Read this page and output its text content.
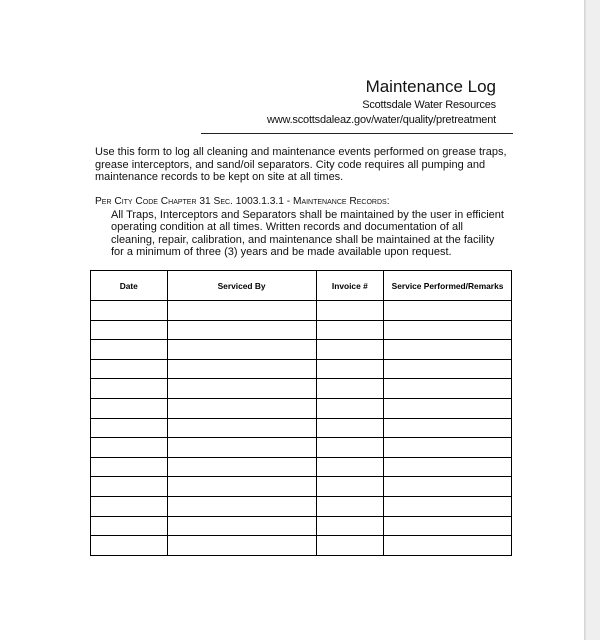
Maintenance Log
Scottsdale Water Resources
www.scottsdaleaz.gov/water/quality/pretreatment
Use this form to log all cleaning and maintenance events performed on grease traps,
grease interceptors, and sand/oil separators. City code requires all pumping and
maintenance records to be kept on site at all times.
Per City Code Chapter 31 Sec. 1003.1.3.1 - Maintenance Records:
All Traps, Interceptors and Separators shall be maintained by the user in efficient
operating condition at all times. Written records and documentation of all
cleaning, repair, calibration, and maintenance shall be maintained at the facility
for a minimum of three (3) years and be made available upon request.
Date	Serviced By	Invoice #	Service Performed/Remarks
